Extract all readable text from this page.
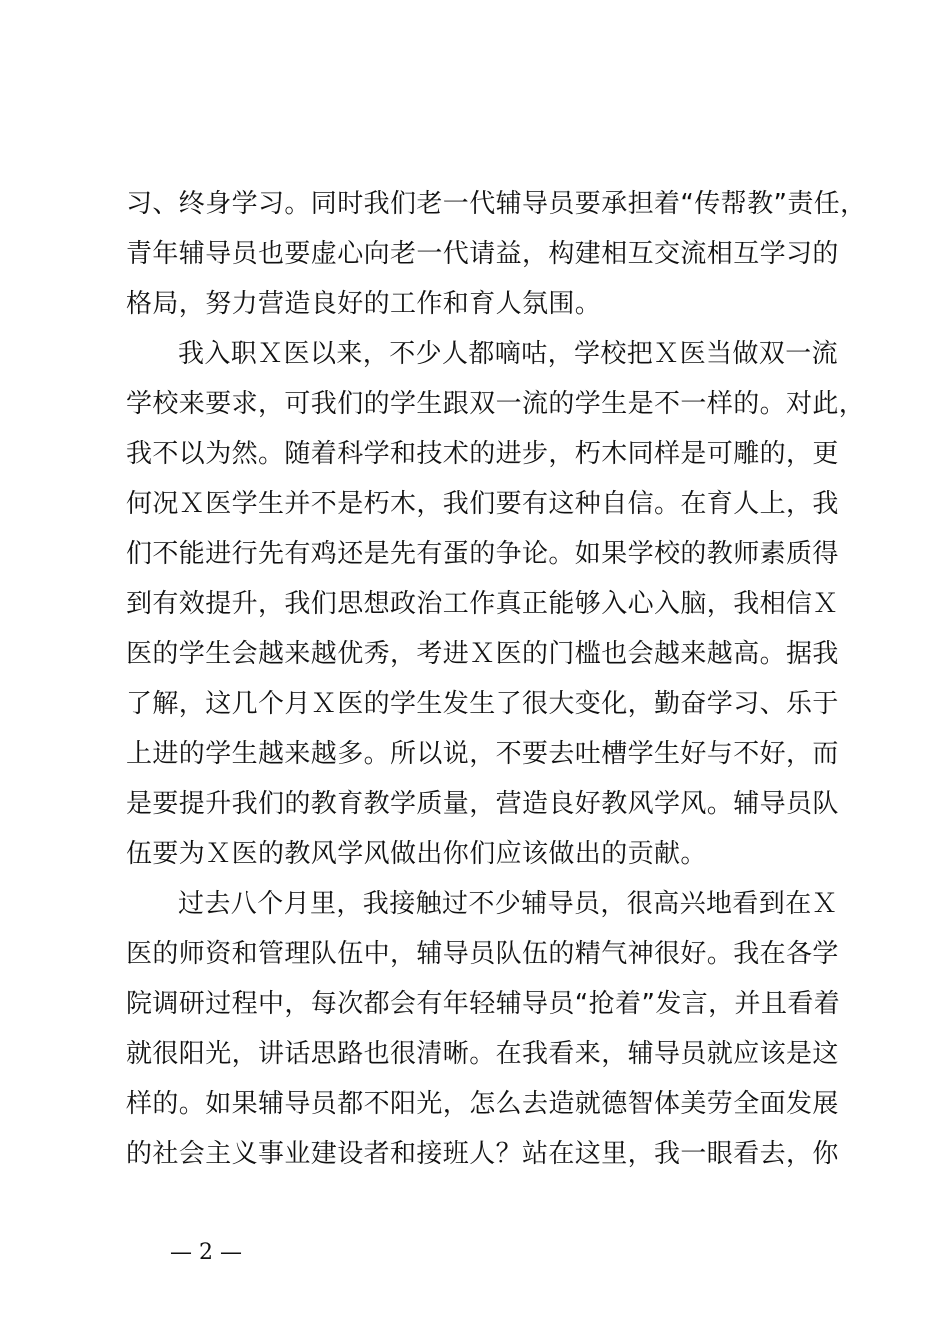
习、终身学习。同时我们老一代辅导员要承担着“传帮教”责任，
青年辅导员也要虚心向老一代请益，构建相互交流相互学习的
格局，努力营造良好的工作和育人氛围。
我入职Ｘ医以来，不少人都嘀咕，学校把Ｘ医当做双一流
学校来要求，可我们的学生跟双一流的学生是不一样的。对此，
我不以为然。随着科学和技术的进步，朽木同样是可雕的，更
何况Ｘ医学生并不是朽木，我们要有这种自信。在育人上，我
们不能进行先有鸡还是先有蛋的争论。如果学校的教师素质得
到有效提升，我们思想政治工作真正能够入心入脑，我相信Ｘ
医的学生会越来越优秀，考进Ｘ医的门槛也会越来越高。据我
了解，这几个月Ｘ医的学生发生了很大变化，勤奋学习、乐于
上进的学生越来越多。所以说，不要去吐槽学生好与不好，而
是要提升我们的教育教学质量，营造良好教风学风。辅导员队
伍要为Ｘ医的教风学风做出你们应该做出的贡献。
过去八个月里，我接触过不少辅导员，很高兴地看到在Ｘ
医的师资和管理队伍中，辅导员队伍的精气神很好。我在各学
院调研过程中，每次都会有年轻辅导员“抢着”发言，并且看着
就很阳光，讲话思路也很清晰。在我看来，辅导员就应该是这
样的。如果辅导员都不阳光，怎么去造就德智体美劳全面发展
的社会主义事业建设者和接班人？站在这里，我一眼看去，你
— 2 —
